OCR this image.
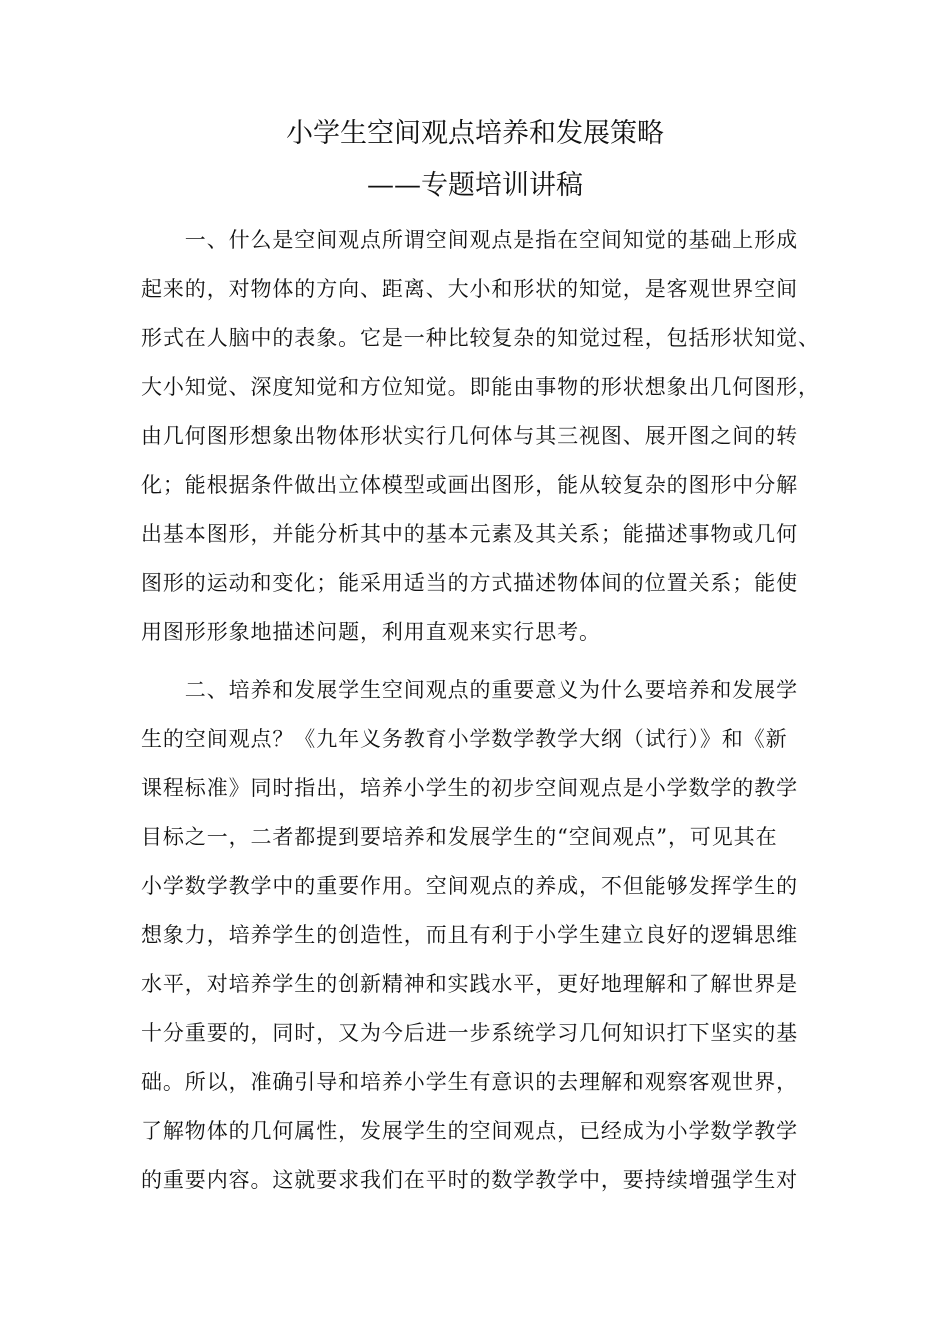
小学生空间观点培养和发展策略
——专题培训讲稿
　　一、什么是空间观点所谓空间观点是指在空间知觉的基础上形成
起来的，对物体的方向、距离、大小和形状的知觉，是客观世界空间
形式在人脑中的表象。它是一种比较复杂的知觉过程，包括形状知觉、
大小知觉、深度知觉和方位知觉。即能由事物的形状想象出几何图形，
由几何图形想象出物体形状实行几何体与其三视图、展开图之间的转
化；能根据条件做出立体模型或画出图形，能从较复杂的图形中分解
出基本图形，并能分析其中的基本元素及其关系；能描述事物或几何
图形的运动和变化；能采用适当的方式描述物体间的位置关系；能使
用图形形象地描述问题，利用直观来实行思考。
　　二、培养和发展学生空间观点的重要意义为什么要培养和发展学
生的空间观点？《九年义务教育小学数学教学大纲（试行）》和《新
课程标准》同时指出，培养小学生的初步空间观点是小学数学的教学
目标之一，二者都提到要培养和发展学生的“空间观点”，可见其在
小学数学教学中的重要作用。空间观点的养成，不但能够发挥学生的
想象力，培养学生的创造性，而且有利于小学生建立良好的逻辑思维
水平，对培养学生的创新精神和实践水平，更好地理解和了解世界是
十分重要的，同时，又为今后进一步系统学习几何知识打下坚实的基
础。所以，准确引导和培养小学生有意识的去理解和观察客观世界，
了解物体的几何属性，发展学生的空间观点，已经成为小学数学教学
的重要内容。这就要求我们在平时的数学教学中，要持续增强学生对
